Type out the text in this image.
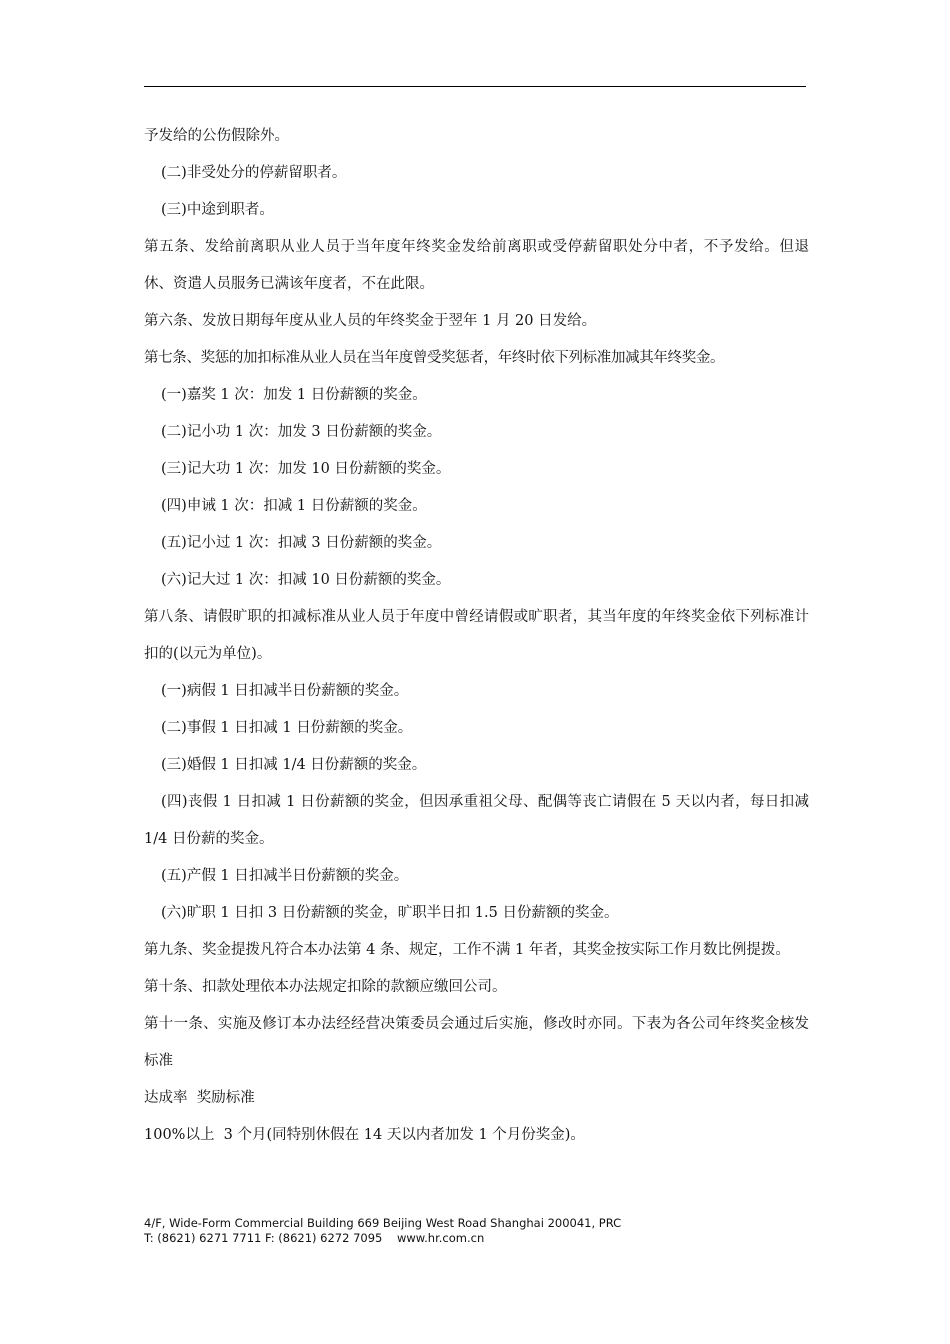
予发给的公伤假除外。

(二)非受处分的停薪留职者。

(三)中途到职者。

第五条、发给前离职从业人员于当年度年终奖金发给前离职或受停薪留职处分中者，不予发给。但退休、资遣人员服务已满该年度者，不在此限。

第六条、发放日期每年度从业人员的年终奖金于翌年 1 月 20 日发给。

第七条、奖惩的加扣标准从业人员在当年度曾受奖惩者，年终时依下列标准加减其年终奖金。

(一)嘉奖 1 次：加发 1 日份薪额的奖金。

(二)记小功 1 次：加发 3 日份薪额的奖金。

(三)记大功 1 次：加发 10 日份薪额的奖金。

(四)申诫 1 次：扣减 1 日份薪额的奖金。

(五)记小过 1 次：扣减 3 日份薪额的奖金。

(六)记大过 1 次：扣减 10 日份薪额的奖金。

第八条、请假旷职的扣减标准从业人员于年度中曾经请假或旷职者，其当年度的年终奖金依下列标准计扣的(以元为单位)。

(一)病假 1 日扣减半日份薪额的奖金。

(二)事假 1 日扣减 1 日份薪额的奖金。

(三)婚假 1 日扣减 1/4 日份薪额的奖金。

(四)丧假 1 日扣减 1 日份薪额的奖金，但因承重祖父母、配偶等丧亡请假在 5 天以内者，每日扣减 1/4 日份薪的奖金。

(五)产假 1 日扣减半日份薪额的奖金。

(六)旷职 1 日扣 3 日份薪额的奖金，旷职半日扣 1.5 日份薪额的奖金。

第九条、奖金提拨凡符合本办法第 4 条、规定，工作不满 1 年者，其奖金按实际工作月数比例提拨。

第十条、扣款处理依本办法规定扣除的款额应缴回公司。

第十一条、实施及修订本办法经经营决策委员会通过后实施，修改时亦同。下表为各公司年终奖金核发标准

达成率  奖励标准

100%以上  3 个月(同特别休假在 14 天以内者加发 1 个月份奖金)。

4/F, Wide-Form Commercial Building 669 Beijing West Road Shanghai 200041, PRC
T: (8621) 6271 7711 F: (8621) 6272 7095    www.hr.com.cn
